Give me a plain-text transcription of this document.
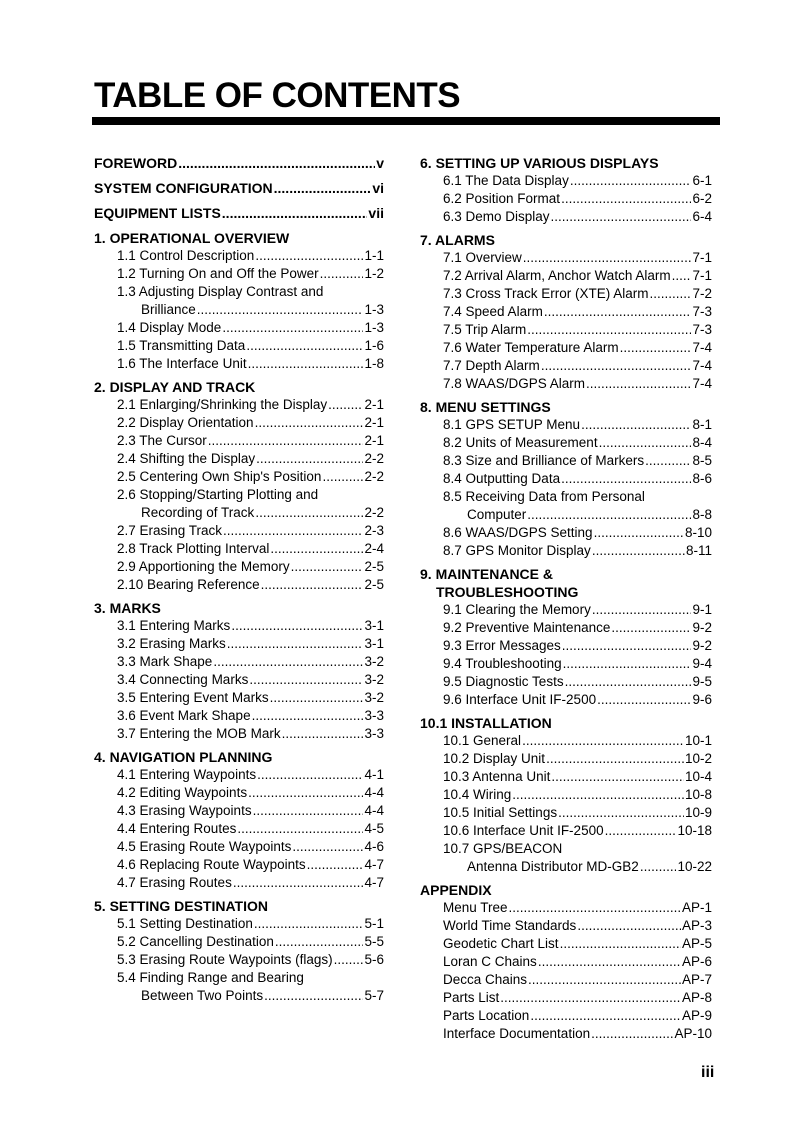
TABLE OF CONTENTS
FOREWORD .....	v
SYSTEM CONFIGURATION .....	vi
EQUIPMENT LISTS .....	vii
1. OPERATIONAL OVERVIEW
1.1 Control Description .....	1-1
1.2 Turning On and Off the Power .....	1-2
1.3 Adjusting Display Contrast and
Brilliance .....	1-3
1.4 Display Mode .....	1-3
1.5 Transmitting Data .....	1-6
1.6 The Interface Unit .....	1-8
2. DISPLAY AND TRACK
2.1 Enlarging/Shrinking the Display .....	2-1
2.2 Display Orientation .....	2-1
2.3 The Cursor .....	2-1
2.4 Shifting the Display .....	2-2
2.5 Centering Own Ship's Position .....	2-2
2.6 Stopping/Starting Plotting and
Recording of Track .....	2-2
2.7 Erasing Track .....	2-3
2.8 Track Plotting Interval .....	2-4
2.9 Apportioning the Memory .....	2-5
2.10 Bearing Reference .....	2-5
3. MARKS
3.1 Entering Marks .....	3-1
3.2 Erasing Marks .....	3-1
3.3 Mark Shape .....	3-2
3.4 Connecting Marks .....	3-2
3.5 Entering Event Marks .....	3-2
3.6 Event Mark Shape .....	3-3
3.7 Entering the MOB Mark .....	3-3
4. NAVIGATION PLANNING
4.1 Entering Waypoints .....	4-1
4.2 Editing Waypoints .....	4-4
4.3 Erasing Waypoints .....	4-4
4.4 Entering Routes .....	4-5
4.5 Erasing Route Waypoints .....	4-6
4.6 Replacing Route Waypoints .....	4-7
4.7 Erasing Routes .....	4-7
5. SETTING DESTINATION
5.1 Setting Destination .....	5-1
5.2 Cancelling Destination .....	5-5
5.3 Erasing Route Waypoints (flags) ..... 5-6
5.4 Finding Range and Bearing
Between Two Points .....	5-7
6. SETTING UP VARIOUS DISPLAYS
6.1 The Data Display .....	6-1
6.2 Position Format .....	6-2
6.3 Demo Display .....	6-4
7. ALARMS
7.1 Overview .....	7-1
7.2 Arrival Alarm, Anchor Watch Alarm ..... 7-1
7.3 Cross Track Error (XTE) Alarm .....	7-2
7.4 Speed Alarm .....	7-3
7.5 Trip Alarm .....	7-3
7.6 Water Temperature Alarm .....	7-4
7.7 Depth Alarm .....	7-4
7.8 WAAS/DGPS Alarm .....	7-4
8. MENU SETTINGS
8.1 GPS SETUP Menu .....	8-1
8.2 Units of Measurement .....	8-4
8.3 Size and Brilliance of Markers .....	8-5
8.4 Outputting Data .....	8-6
8.5 Receiving Data from Personal
Computer .....	8-8
8.6 WAAS/DGPS Setting .....	8-10
8.7 GPS Monitor Display .....	8-11
9. MAINTENANCE &
TROUBLESHOOTING
9.1 Clearing the Memory .....	9-1
9.2 Preventive Maintenance .....	9-2
9.3 Error Messages .....	9-2
9.4 Troubleshooting .....	9-4
9.5 Diagnostic Tests .....	9-5
9.6 Interface Unit IF-2500 .....	9-6
10.1 INSTALLATION
10.1 General .....	10-1
10.2 Display Unit .....	10-2
10.3 Antenna Unit .....	10-4
10.4 Wiring .....	10-8
10.5 Initial Settings .....	10-9
10.6 Interface Unit IF-2500 .....	10-18
10.7 GPS/BEACON
Antenna Distributor MD-GB2 .....	10-22
APPENDIX
Menu Tree .....	AP-1
World Time Standards .....	AP-3
Geodetic Chart List .....	AP-5
Loran C Chains .....	AP-6
Decca Chains .....	AP-7
Parts List .....	AP-8
Parts Location .....	AP-9
Interface Documentation .....	AP-10
iii
